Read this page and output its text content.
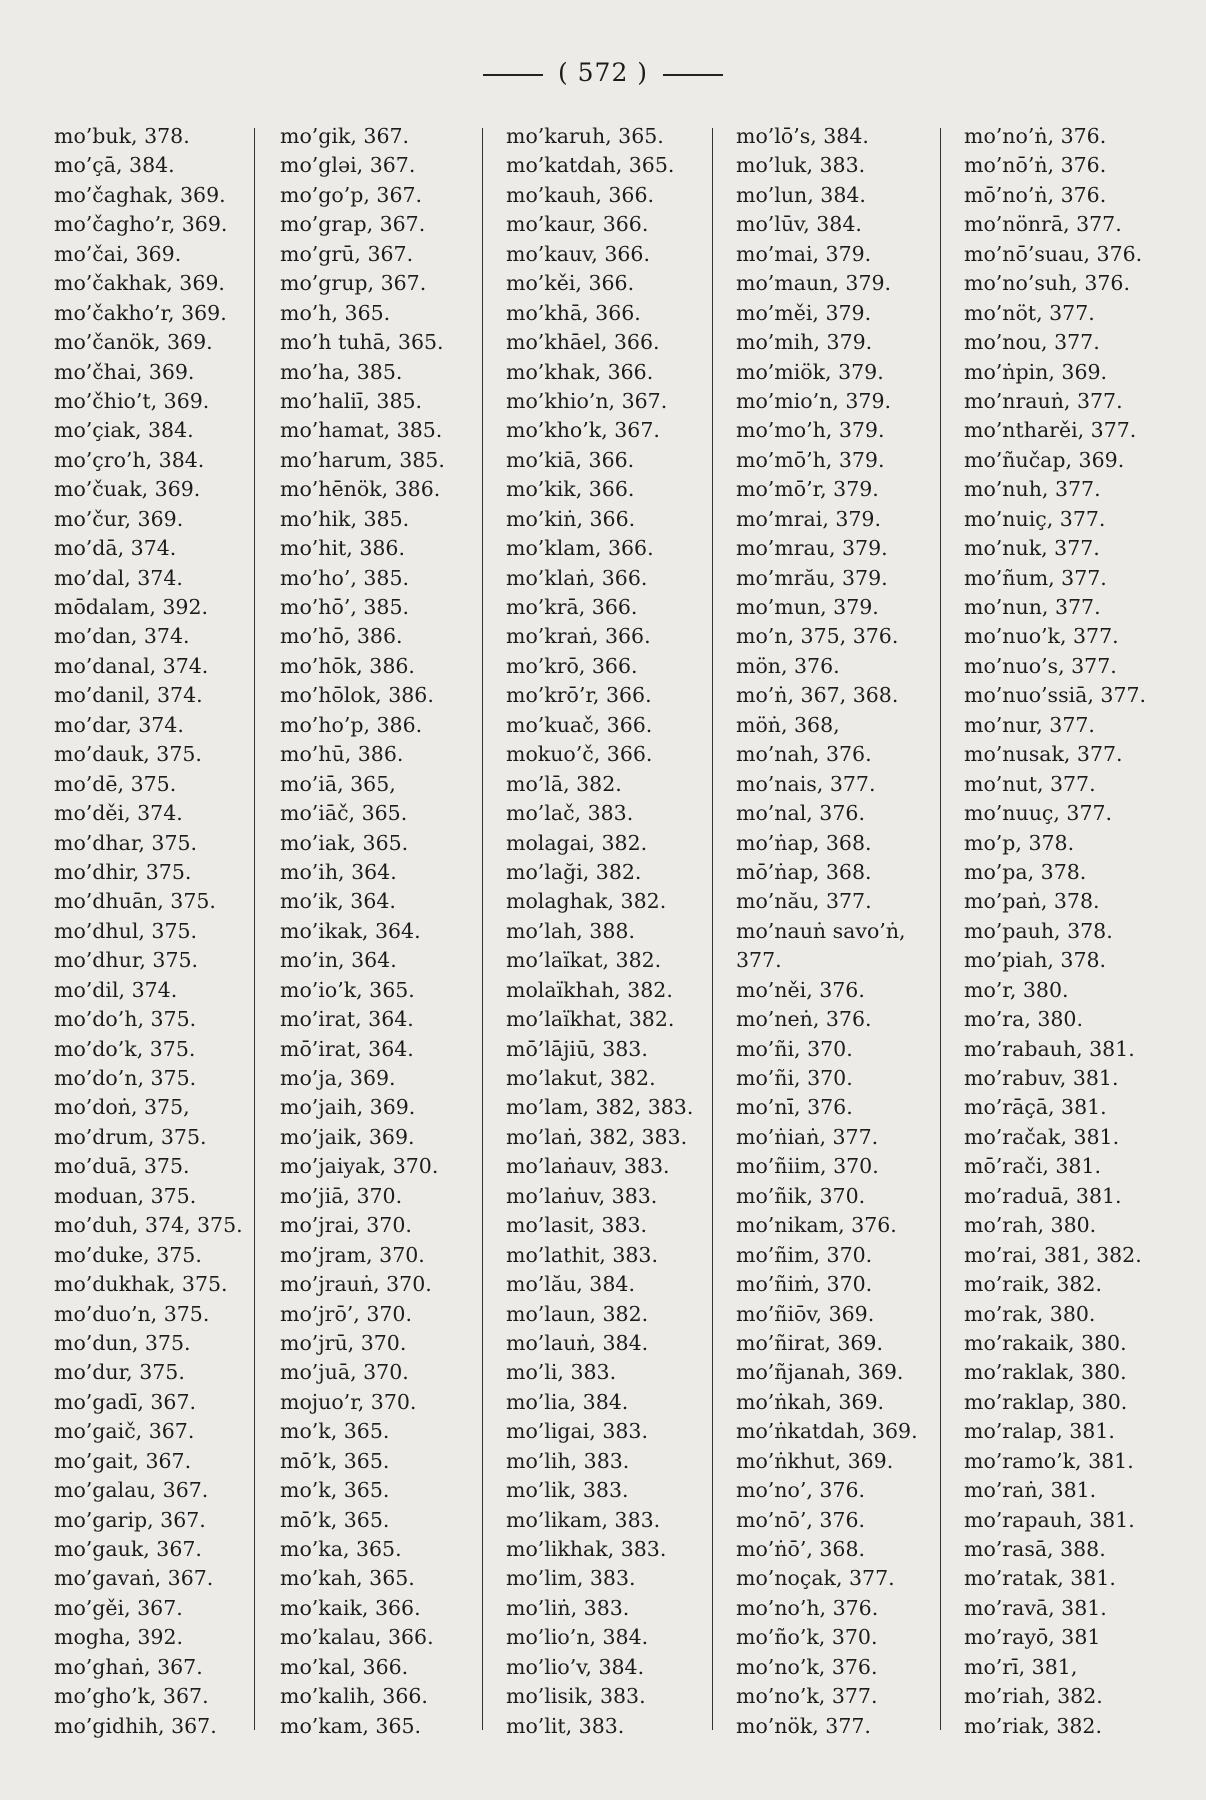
( 572 )
mo’buk, 378.
mo’çā, 384.
mo’čaghak, 369.
mo’čagho’r, 369.
mo’čai, 369.
mo’čakhak, 369.
mo’čakho’r, 369.
mo’čanök, 369.
mo’čhai, 369.
mo’čhio’t, 369.
mo’çiak, 384.
mo’çro’h, 384.
mo’čuak, 369.
mo’čur, 369.
mo’dā, 374.
mo’dal, 374.
mōdalam, 392.
mo’dan, 374.
mo’danal, 374.
mo’danil, 374.
mo’dar, 374.
mo’dauk, 375.
mo’dē, 375.
mo’děi, 374.
mo’dhar, 375.
mo’dhir, 375.
mo’dhuān, 375.
mo’dhul, 375.
mo’dhur, 375.
mo’dil, 374.
mo’do’h, 375.
mo’do’k, 375.
mo’do’n, 375.
mo’doṅ, 375,
mo’drum, 375.
mo’duā, 375.
moduan, 375.
mo’duh, 374, 375.
mo’duke, 375.
mo’dukhak, 375.
mo’duo’n, 375.
mo’dun, 375.
mo’dur, 375.
mo’gadī, 367.
mo’gaič, 367.
mo’gait, 367.
mo’galau, 367.
mo’garip, 367.
mo’gauk, 367.
mo’gavaṅ, 367.
mo’gěi, 367.
mogha, 392.
mo’ghaṅ, 367.
mo’gho’k, 367.
mo’gidhih, 367.
mo’gik, 367.
mo’gləi, 367.
mo’go’p, 367.
mo’grap, 367.
mo’grū, 367.
mo’grup, 367.
mo’h, 365.
mo’h tuhā, 365.
mo’ha, 385.
mo’haliī, 385.
mo’hamat, 385.
mo’harum, 385.
mo’hēnök, 386.
mo’hik, 385.
mo’hit, 386.
mo’ho’, 385.
mo’hō’, 385.
mo’hō, 386.
mo’hōk, 386.
mo’hōlok, 386.
mo’ho’p, 386.
mo’hū, 386.
mo’iā, 365,
mo’iāč, 365.
mo’iak, 365.
mo’ih, 364.
mo’ik, 364.
mo’ikak, 364.
mo’in, 364.
mo’io’k, 365.
mo’irat, 364.
mō’irat, 364.
mo’ja, 369.
mo’jaih, 369.
mo’jaik, 369.
mo’jaiyak, 370.
mo’jiā, 370.
mo’jrai, 370.
mo’jram, 370.
mo’jrauṅ, 370.
mo’jrō’, 370.
mo’jrū, 370.
mo’juā, 370.
mojuo’r, 370.
mo’k, 365.
mō’k, 365.
mo’k, 365.
mō’k, 365.
mo’ka, 365.
mo’kah, 365.
mo’kaik, 366.
mo’kalau, 366.
mo’kal, 366.
mo’kalih, 366.
mo’kam, 365.
mo’karuh, 365.
mo’katdah, 365.
mo’kauh, 366.
mo’kaur, 366.
mo’kauv, 366.
mo’kěi, 366.
mo’khā, 366.
mo’khāel, 366.
mo’khak, 366.
mo’khio’n, 367.
mo’kho’k, 367.
mo’kiā, 366.
mo’kik, 366.
mo’kiṅ, 366.
mo’klam, 366.
mo’klaṅ, 366.
mo’krā, 366.
mo’kraṅ, 366.
mo’krō, 366.
mo’krō’r, 366.
mo’kuač, 366.
mokuo’č, 366.
mo’lā, 382.
mo’lač, 383.
molagai, 382.
mo’laği, 382.
molaghak, 382.
mo’lah, 388.
mo’laïkat, 382.
molaïkhah, 382.
mo’laïkhat, 382.
mō’lājiū, 383.
mo’lakut, 382.
mo’lam, 382, 383.
mo’laṅ, 382, 383.
mo’laṅauv, 383.
mo’laṅuv, 383.
mo’lasit, 383.
mo’lathit, 383.
mo’lău, 384.
mo’laun, 382.
mo’lauṅ, 384.
mo’li, 383.
mo’lia, 384.
mo’ligai, 383.
mo’lih, 383.
mo’lik, 383.
mo’likam, 383.
mo’likhak, 383.
mo’lim, 383.
mo’liṅ, 383.
mo’lio’n, 384.
mo’lio’v, 384.
mo’lisik, 383.
mo’lit, 383.
mo’lō’s, 384.
mo’luk, 383.
mo’lun, 384.
mo’lūv, 384.
mo’mai, 379.
mo’maun, 379.
mo’měi, 379.
mo’mih, 379.
mo’miök, 379.
mo’mio’n, 379.
mo’mo’h, 379.
mo’mō’h, 379.
mo’mō’r, 379.
mo’mrai, 379.
mo’mrau, 379.
mo’mrău, 379.
mo’mun, 379.
mo’n, 375, 376.
mön, 376.
mo’ṅ, 367, 368.
möṅ, 368,
mo’nah, 376.
mo’nais, 377.
mo’nal, 376.
mo’ṅap, 368.
mō’ṅap, 368.
mo’nău, 377.
mo’nauṅ savo’ṅ,
377.
mo’něi, 376.
mo’neṅ, 376.
mo’ñi, 370.
mo’ñi, 370.
mo’nī, 376.
mo’ṅiaṅ, 377.
mo’ñiim, 370.
mo’ñik, 370.
mo’nikam, 376.
mo’ñim, 370.
mo’ñiṁ, 370.
mo’ñiōv, 369.
mo’ñirat, 369.
mo’ñjanah, 369.
mo’ṅkah, 369.
mo’ṅkatdah, 369.
mo’ṅkhut, 369.
mo’no’, 376.
mo’nō’, 376.
mo’ṅō’, 368.
mo’noçak, 377.
mo’no’h, 376.
mo’ño’k, 370.
mo’no’k, 376.
mo’no’k, 377.
mo’nök, 377.
mo’no’ṅ, 376.
mo’nō’ṅ, 376.
mō’no’ṅ, 376.
mo’nönrā, 377.
mo’nō’suau, 376.
mo’no’suh, 376.
mo’nöt, 377.
mo’nou, 377.
mo’ṅpin, 369.
mo’nrauṅ, 377.
mo’ntharěi, 377.
mo’ñučap, 369.
mo’nuh, 377.
mo’nuiç, 377.
mo’nuk, 377.
mo’ñum, 377.
mo’nun, 377.
mo’nuo’k, 377.
mo’nuo’s, 377.
mo’nuo’ssiā, 377.
mo’nur, 377.
mo’nusak, 377.
mo’nut, 377.
mo’nuuç, 377.
mo’p, 378.
mo’pa, 378.
mo’paṅ, 378.
mo’pauh, 378.
mo’piah, 378.
mo’r, 380.
mo’ra, 380.
mo’rabauh, 381.
mo’rabuv, 381.
mo’rāçā, 381.
mo’račak, 381.
mō’rači, 381.
mo’raduā, 381.
mo’rah, 380.
mo’rai, 381, 382.
mo’raik, 382.
mo’rak, 380.
mo’rakaik, 380.
mo’raklak, 380.
mo’raklap, 380.
mo’ralap, 381.
mo’ramo’k, 381.
mo’raṅ, 381.
mo’rapauh, 381.
mo’rasā, 388.
mo’ratak, 381.
mo’ravā, 381.
mo’rayō, 381
mo’rī, 381,
mo’riah, 382.
mo’riak, 382.
